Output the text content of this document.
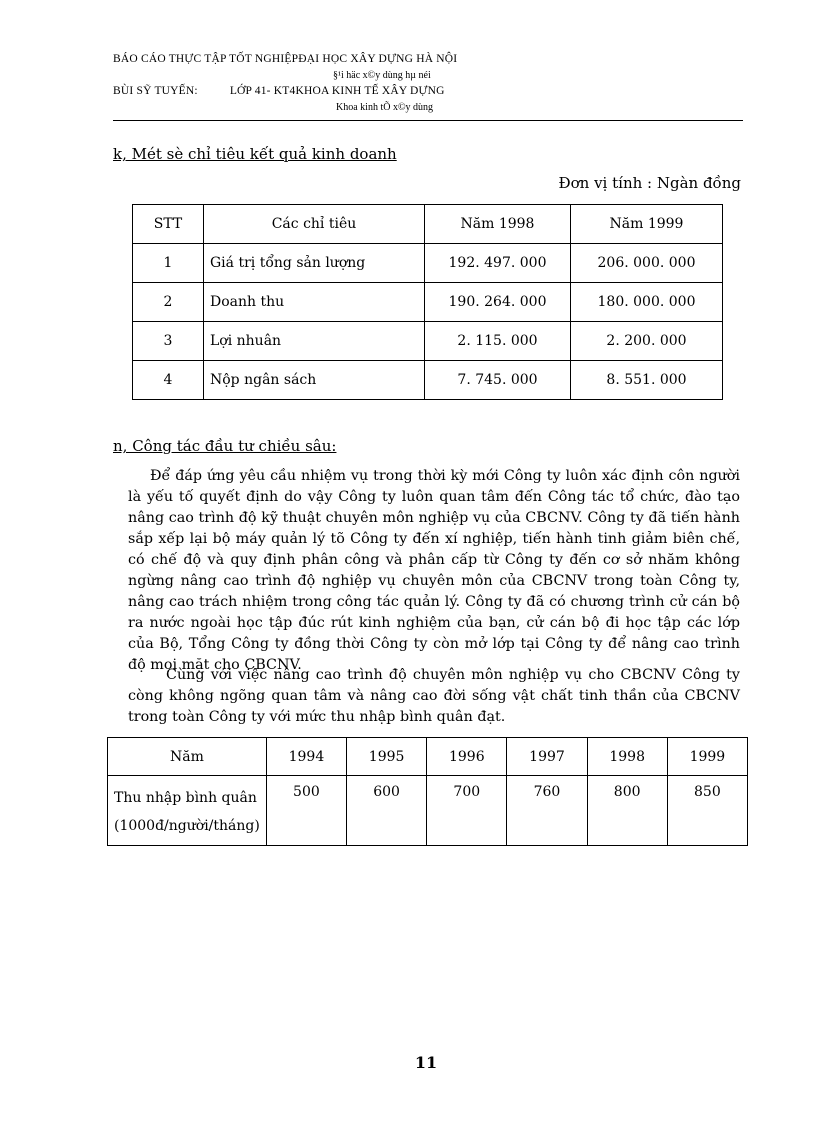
BÁO CÁO THỰC TẬP TỐT NGHIỆPĐẠI HỌC XÂY DỰNG HÀ NỘI
§¹i häc x©y dùng hµ néi
BÙI SỸ TUYẾN:	LỚP 41- KT4KHOA KINH TẾ XÂY DỰNG
Khoa kinh tÕ x©y dùng
k, Mét sè chỉ tiêu kết quả kinh doanh
Đơn vị tính : Ngàn đồng
STT	Các chỉ tiêu	Năm 1998	Năm 1999
1	Giá trị tổng sản lượng	192. 497. 000	206. 000. 000
2	Doanh thu	190. 264. 000	180. 000. 000
3	Lợi nhuân	2. 115. 000	2. 200. 000
4	Nộp ngân sách	7. 745. 000	8. 551. 000
n, Công tác đầu tư chiều sâu:
Để đáp ứng yêu cầu nhiệm vụ trong thời kỳ mới Công ty luôn xác định côn người là yếu tố quyết định do vậy Công ty luôn quan tâm đến Công tác tổ chức, đào tạo nâng cao trình độ kỹ thuật chuyên môn nghiệp vụ của CBCNV. Công ty đã tiến hành sắp xếp lại bộ máy quản lý tõ Công ty đến xí nghiệp, tiến hành tinh giảm biên chế, có chế độ và quy định phân công và phân cấp từ Công ty đến cơ sở nhăm không ngừng nâng cao trình độ nghiệp vụ chuyên môn của CBCNV trong toàn Công ty, nâng cao trách nhiệm trong công tác quản lý. Công ty đã có chương trình cử cán bộ ra nước ngoài học tập đúc rút kinh nghiệm của bạn, cử cán bộ đi học tập các lớp của Bộ, Tổng Công ty đồng thời Công ty còn mở lớp tại Công ty để nâng cao trình độ mọi mặt cho CBCNV.
Cùng với việc nâng cao trình độ chuyên môn nghiệp vụ cho CBCNV Công ty còng không ngõng quan tâm và nâng cao đời sống vật chất tinh thần của CBCNV trong toàn Công ty với mức thu nhập bình quân đạt.
Năm	1994	1995	1996	1997	1998	1999
Thu nhập bình quân
(1000đ/người/tháng)	500	600	700	760	800	850
11
